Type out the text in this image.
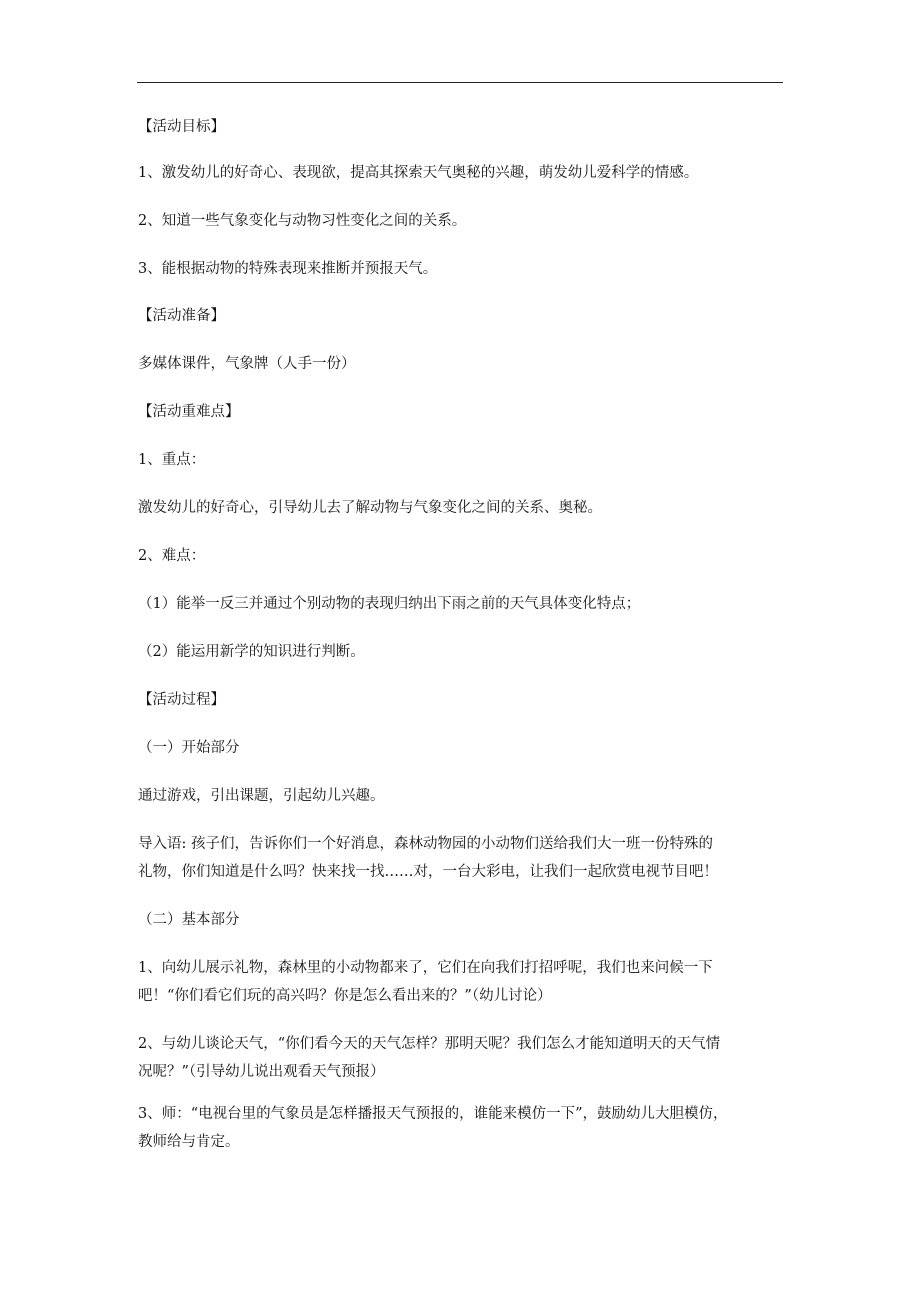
【活动目标】
1、激发幼儿的好奇心、表现欲，提高其探索天气奥秘的兴趣，萌发幼儿爱科学的情感。
2、知道一些气象变化与动物习性变化之间的关系。
3、能根据动物的特殊表现来推断并预报天气。
【活动准备】
多媒体课件，气象牌（人手一份）
【活动重难点】
1、重点：
激发幼儿的好奇心，引导幼儿去了解动物与气象变化之间的关系、奥秘。
2、难点：
（1）能举一反三并通过个别动物的表现归纳出下雨之前的天气具体变化特点；
（2）能运用新学的知识进行判断。
【活动过程】
（一）开始部分
通过游戏，引出课题，引起幼儿兴趣。
导入语: 孩子们，告诉你们一个好消息，森林动物园的小动物们送给我们大一班一份特殊的
礼物，你们知道是什么吗？快来找一找……对，一台大彩电，让我们一起欣赏电视节目吧！
（二）基本部分
1、向幼儿展示礼物，森林里的小动物都来了，它们在向我们打招呼呢，我们也来问候一下
吧！“你们看它们玩的高兴吗？你是怎么看出来的？”（幼儿讨论）
2、与幼儿谈论天气，“你们看今天的天气怎样？那明天呢？我们怎么才能知道明天的天气情
况呢？”（引导幼儿说出观看天气预报）
3、师：“电视台里的气象员是怎样播报天气预报的，谁能来模仿一下”，鼓励幼儿大胆模仿，
教师给与肯定。
